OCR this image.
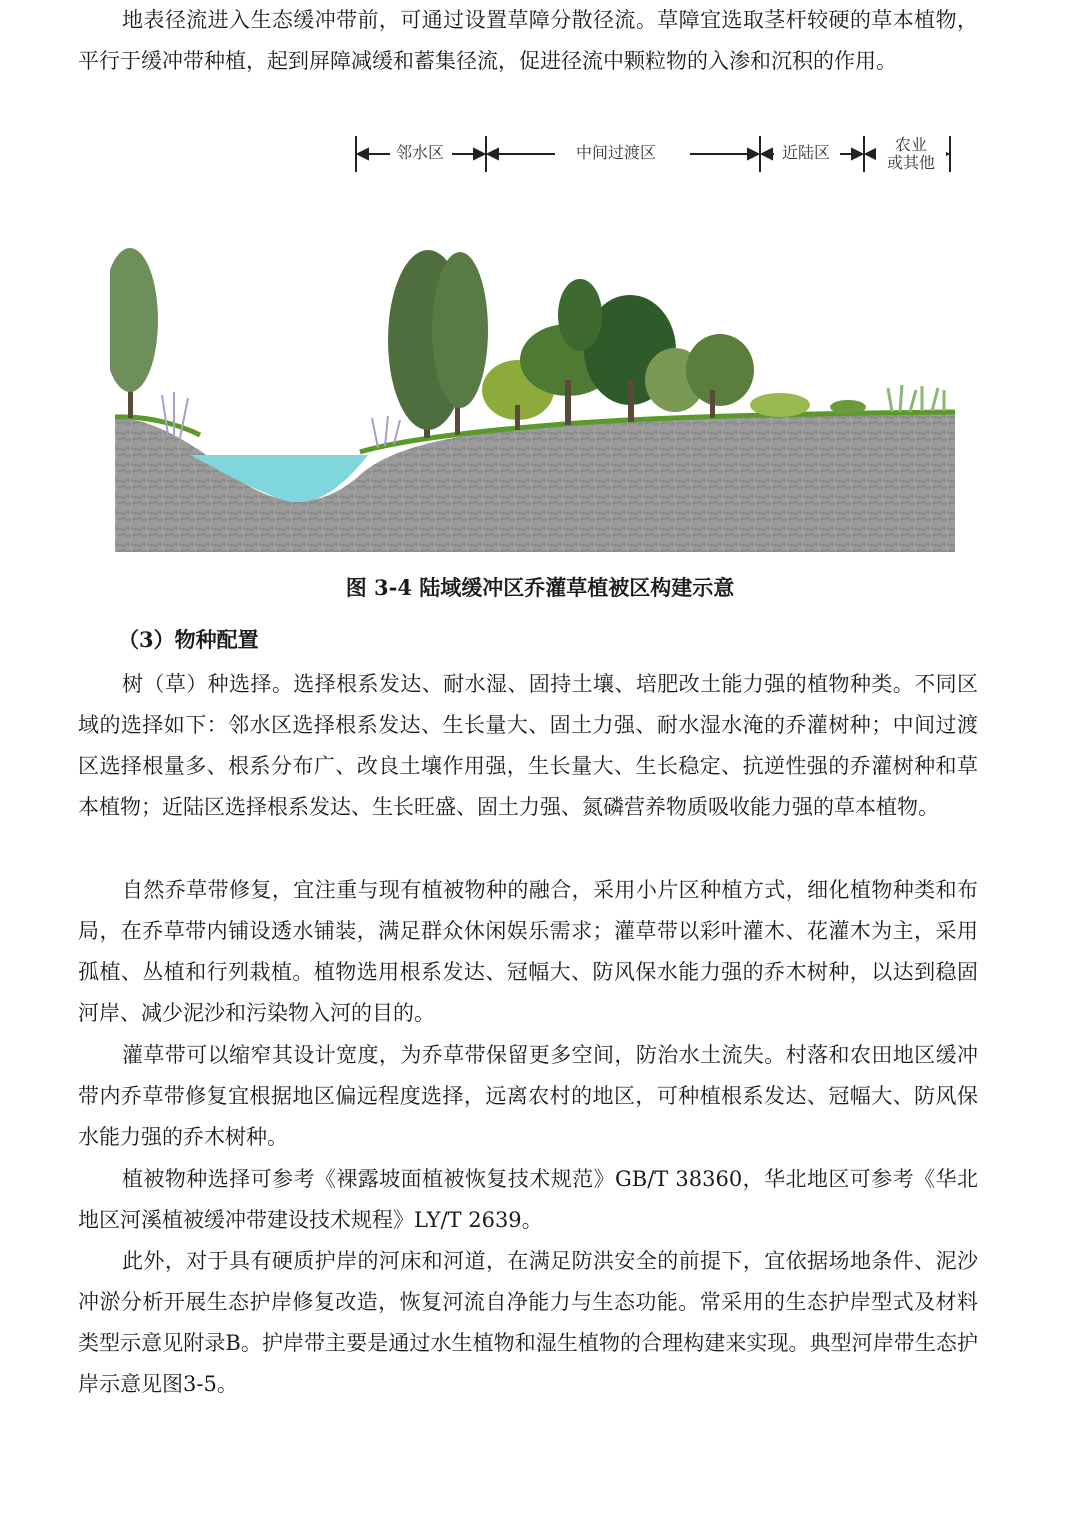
地表径流进入生态缓冲带前，可通过设置草障分散径流。草障宜选取茎杆较硬的草本植物，平行于缓冲带种植，起到屏障减缓和蓄集径流，促进径流中颗粒物的入渗和沉积的作用。

邻水区	中间过渡区	近陆区	农业
或其他
图 3-4 陆域缓冲区乔灌草植被区构建示意
（3）物种配置

树（草）种选择。选择根系发达、耐水湿、固持土壤、培肥改土能力强的植物种类。不同区域的选择如下：邻水区选择根系发达、生长量大、固土力强、耐水湿水淹的乔灌树种；中间过渡区选择根量多、根系分布广、改良土壤作用强，生长量大、生长稳定、抗逆性强的乔灌树种和草本植物；近陆区选择根系发达、生长旺盛、固土力强、氮磷营养物质吸收能力强的草本植物。

自然乔草带修复，宜注重与现有植被物种的融合，采用小片区种植方式，细化植物种类和布局，在乔草带内铺设透水铺装，满足群众休闲娱乐需求；灌草带以彩叶灌木、花灌木为主，采用孤植、丛植和行列栽植。植物选用根系发达、冠幅大、防风保水能力强的乔木树种，以达到稳固河岸、减少泥沙和污染物入河的目的。

灌草带可以缩窄其设计宽度，为乔草带保留更多空间，防治水土流失。村落和农田地区缓冲带内乔草带修复宜根据地区偏远程度选择，远离农村的地区，可种植根系发达、冠幅大、防风保水能力强的乔木树种。

植被物种选择可参考《裸露坡面植被恢复技术规范》GB/T 38360，华北地区可参考《华北地区河溪植被缓冲带建设技术规程》LY/T 2639。

此外，对于具有硬质护岸的河床和河道，在满足防洪安全的前提下，宜依据场地条件、泥沙冲淤分析开展生态护岸修复改造，恢复河流自净能力与生态功能。常采用的生态护岸型式及材料类型示意见附录B。护岸带主要是通过水生植物和湿生植物的合理构建来实现。典型河岸带生态护岸示意见图3-5。
